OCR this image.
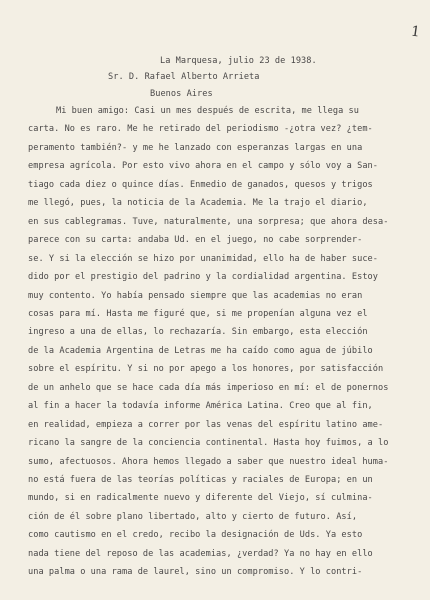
1
La Marquesa, julio 23 de 1938.
Sr. D. Rafael Alberto Arrieta
Buenos Aires
Mi buen amigo: Casi un mes después de escrita, me llega su
carta. No es raro. Me he retirado del periodismo -¿otra vez? ¿tem-
peramento también?- y me he lanzado con esperanzas largas en una
empresa agrícola. Por esto vivo ahora en el campo y sólo voy a San-
tiago cada diez o quince días. Enmedio de ganados, quesos y trigos
me llegó, pues, la noticia de la Academia. Me la trajo el diario,
en sus cablegramas. Tuve, naturalmente, una sorpresa; que ahora desa-
parece con su carta: andaba Ud. en el juego, no cabe sorprender-
se. Y si la elección se hizo por unanimidad, ello ha de haber suce-
dido por el prestigio del padrino y la cordialidad argentina. Estoy
muy contento. Yo había pensado siempre que las academias no eran
cosas para mí. Hasta me figuré que, si me propenían alguna vez el
ingreso a una de ellas, lo rechazaría. Sin embargo, esta elección
de la Academia Argentina de Letras me ha caído como agua de júbilo
sobre el espíritu. Y si no por apego a los honores, por satisfacción
de un anhelo que se hace cada día más imperioso en mí: el de ponernos
al fin a hacer la todavía informe América Latina. Creo que al fin,
en realidad, empieza a correr por las venas del espíritu latino ame-
ricano la sangre de la conciencia continental. Hasta hoy fuimos, a lo
sumo, afectuosos. Ahora hemos llegado a saber que nuestro ideal huma-
no está fuera de las teorías políticas y raciales de Europa; en un
mundo, si en radicalmente nuevo y diferente del Viejo, sí culmina-
ción de él sobre plano libertado, alto y cierto de futuro. Así,
como cautismo en el credo, recibo la designación de Uds. Ya esto
nada tiene del reposo de las academias, ¿verdad? Ya no hay en ello
una palma o una rama de laurel, sino un compromiso. Y lo contri-
